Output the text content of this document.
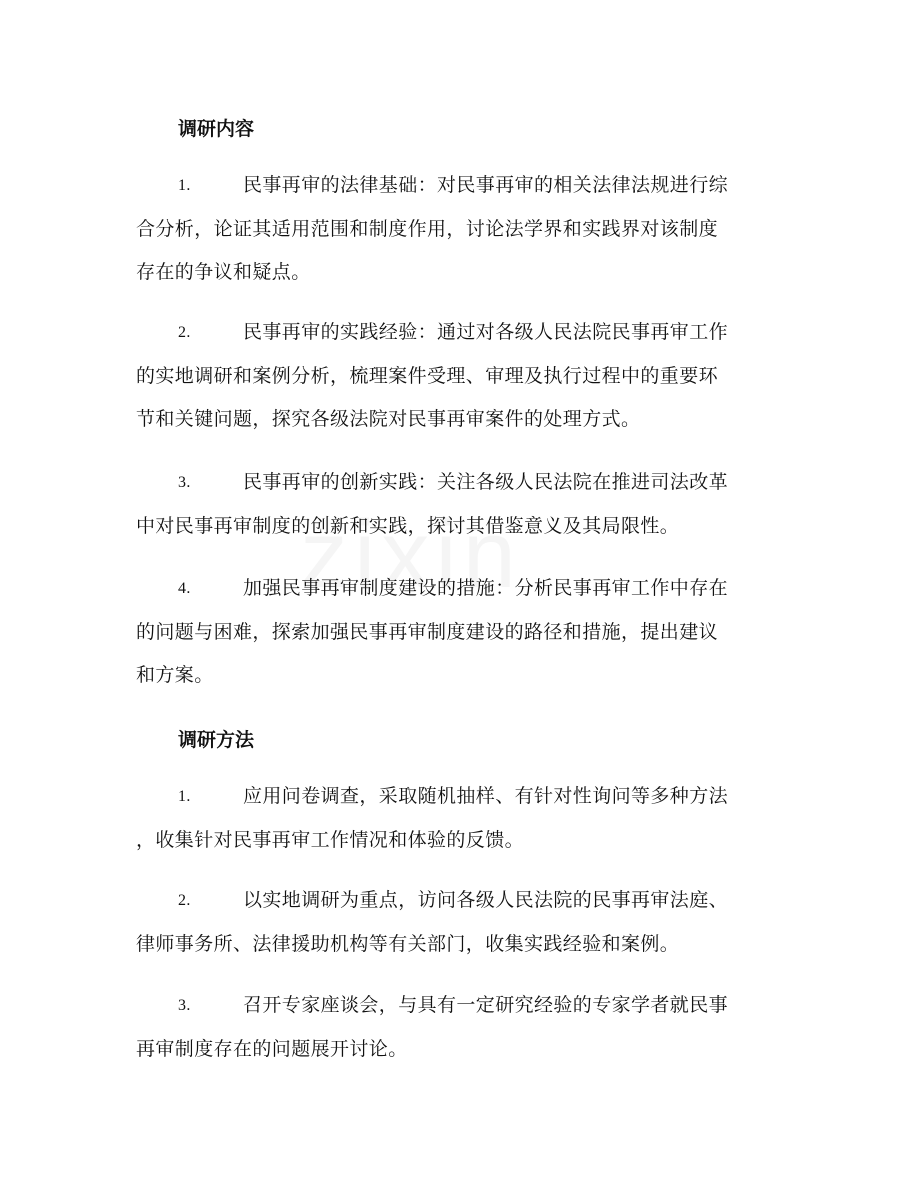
调研内容
1.	民事再审的法律基础：对民事再审的相关法律法规进行综
合分析，论证其适用范围和制度作用，讨论法学界和实践界对该制度
存在的争议和疑点。
2.	民事再审的实践经验：通过对各级人民法院民事再审工作
的实地调研和案例分析，梳理案件受理、审理及执行过程中的重要环
节和关键问题，探究各级法院对民事再审案件的处理方式。
3.	民事再审的创新实践：关注各级人民法院在推进司法改革
中对民事再审制度的创新和实践，探讨其借鉴意义及其局限性。
4.	加强民事再审制度建设的措施：分析民事再审工作中存在
的问题与困难，探索加强民事再审制度建设的路径和措施，提出建议
和方案。
调研方法
1.	应用问卷调查，采取随机抽样、有针对性询问等多种方法
，收集针对民事再审工作情况和体验的反馈。
2.	以实地调研为重点，访问各级人民法院的民事再审法庭、
律师事务所、法律援助机构等有关部门，收集实践经验和案例。
3.	召开专家座谈会，与具有一定研究经验的专家学者就民事
再审制度存在的问题展开讨论。
